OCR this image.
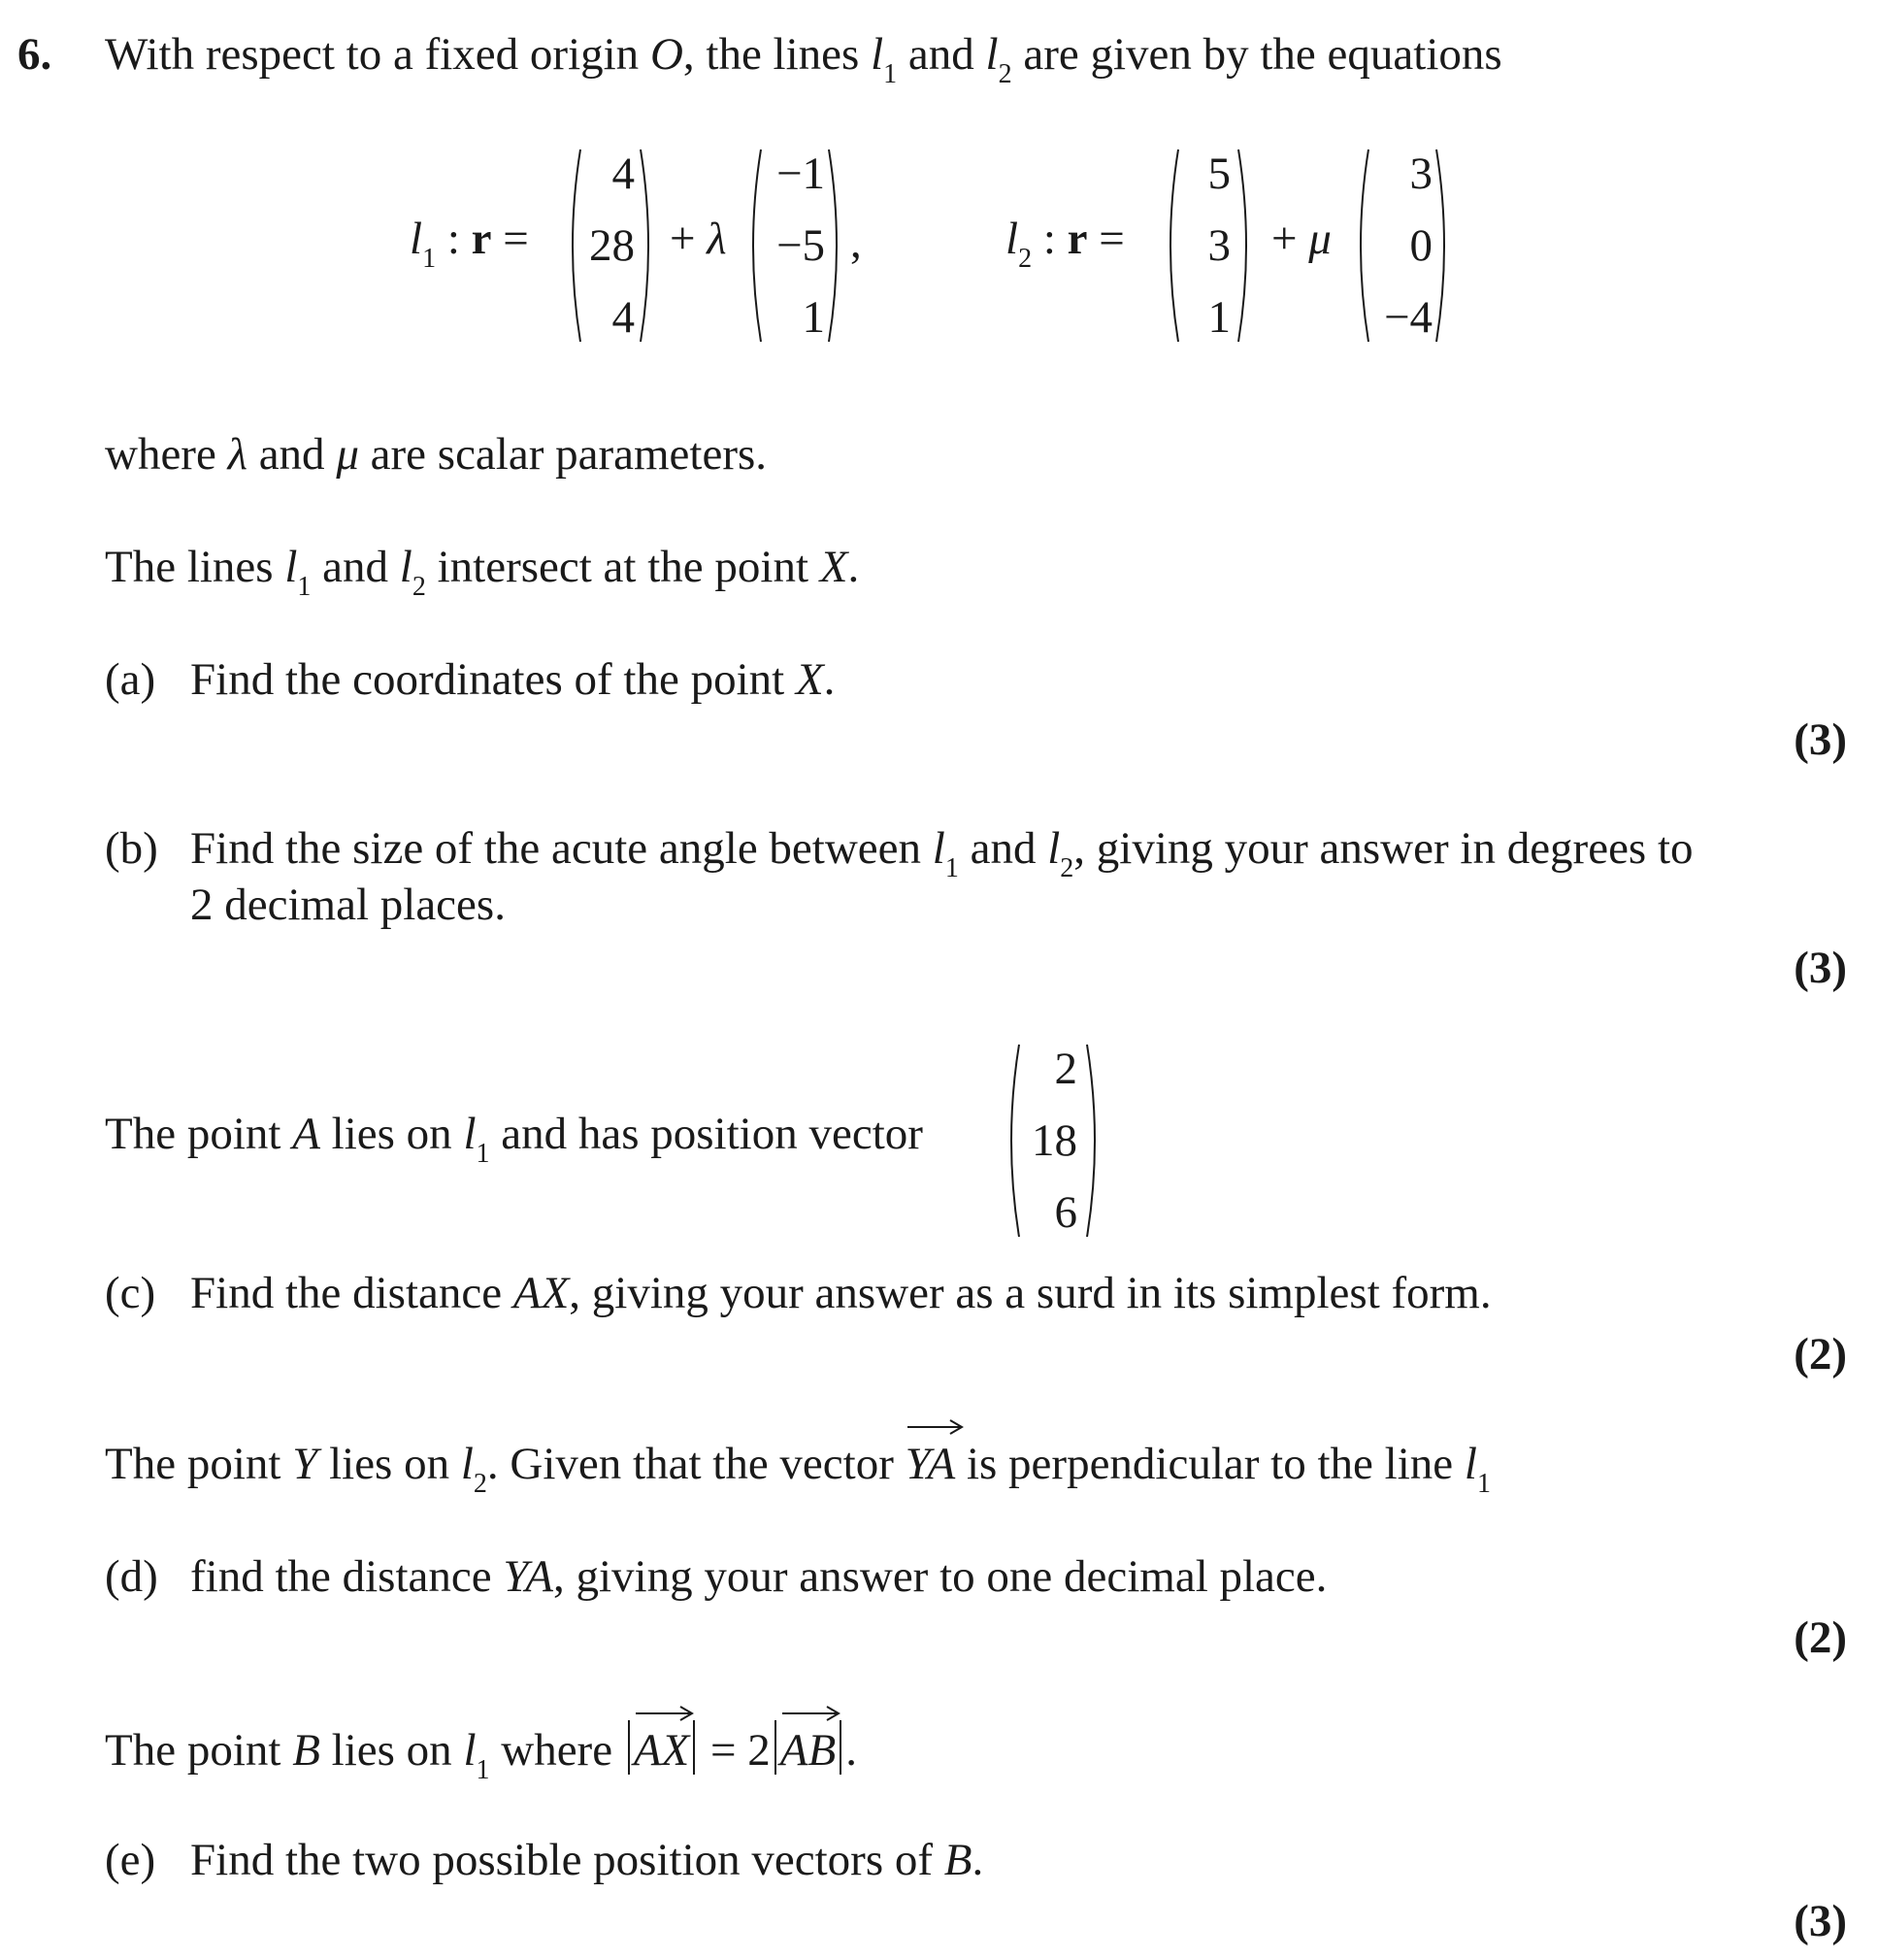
6. With respect to a fixed origin O, the lines $l_1$ and $l_2$ are given by the equations
$l_1$ : r =
4
28
4
+ λ
−1
−5
1
,	$l_2$ : r =
5
3
1
+ μ
3
0
−4
where λ and μ are scalar parameters.
The lines $l_1$ and $l_2$ intersect at the point X.
(a) Find the coordinates of the point X.
(3)
(b) Find the size of the acute angle between $l_1$ and $l_2$, giving your answer in degrees to
2 decimal places.
(3)
The point A lies on $l_1$ and has position vector
2
18
6
(c) Find the distance AX, giving your answer as a surd in its simplest form.
(2)
The point Y lies on $l_2$. Given that the vector
YA is perpendicular to the line $l_1$
(d) find the distance YA, giving your answer to one decimal place.
(2)
The point B lies on $l_1$ where
AX = 2 AB .
(e) Find the two possible position vectors of B.
(3)
